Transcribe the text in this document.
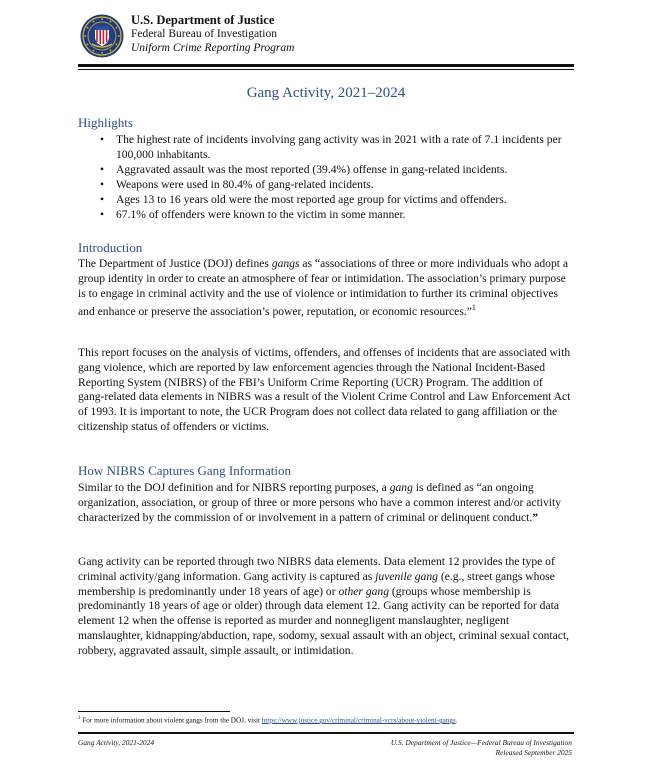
U.S. Department of Justice
Federal Bureau of Investigation
Uniform Crime Reporting Program
Gang Activity, 2021–2024
Highlights
• The highest rate of incidents involving gang activity was in 2021 with a rate of 7.1 incidents per 100,000 inhabitants.
• Aggravated assault was the most reported (39.4%) offense in gang-related incidents.
• Weapons were used in 80.4% of gang-related incidents.
• Ages 13 to 16 years old were the most reported age group for victims and offenders.
• 67.1% of offenders were known to the victim in some manner.
Introduction
The Department of Justice (DOJ) defines gangs as “associations of three or more individuals who adopt a group identity in order to create an atmosphere of fear or intimidation. The association’s primary purpose is to engage in criminal activity and the use of violence or intimidation to further its criminal objectives and enhance or preserve the association’s power, reputation, or economic resources.”$^1$
This report focuses on the analysis of victims, offenders, and offenses of incidents that are associated with gang violence, which are reported by law enforcement agencies through the National Incident-Based Reporting System (NIBRS) of the FBI’s Uniform Crime Reporting (UCR) Program. The addition of gang-related data elements in NIBRS was a result of the Violent Crime Control and Law Enforcement Act of 1993. It is important to note, the UCR Program does not collect data related to gang affiliation or the citizenship status of offenders or victims.
How NIBRS Captures Gang Information
Similar to the DOJ definition and for NIBRS reporting purposes, a gang is defined as “an ongoing organization, association, or group of three or more persons who have a common interest and/or activity characterized by the commission of or involvement in a pattern of criminal or delinquent conduct.”
Gang activity can be reported through two NIBRS data elements. Data element 12 provides the type of criminal activity/gang information. Gang activity is captured as juvenile gang (e.g., street gangs whose membership is predominantly under 18 years of age) or other gang (groups whose membership is predominantly 18 years of age or older) through data element 12. Gang activity can be reported for data element 12 when the offense is reported as murder and nonnegligent manslaughter, negligent manslaughter, kidnapping/abduction, rape, sodomy, sexual assault with an object, criminal sexual contact, robbery, aggravated assault, simple assault, or intimidation.
$^1$ For more information about violent gangs from the DOJ, visit https://www.justice.gov/criminal/criminal-vcrs/about-violent-gangs.
Gang Activity, 2021-2024	U.S. Department of Justice—Federal Bureau of Investigation
Released September 2025
